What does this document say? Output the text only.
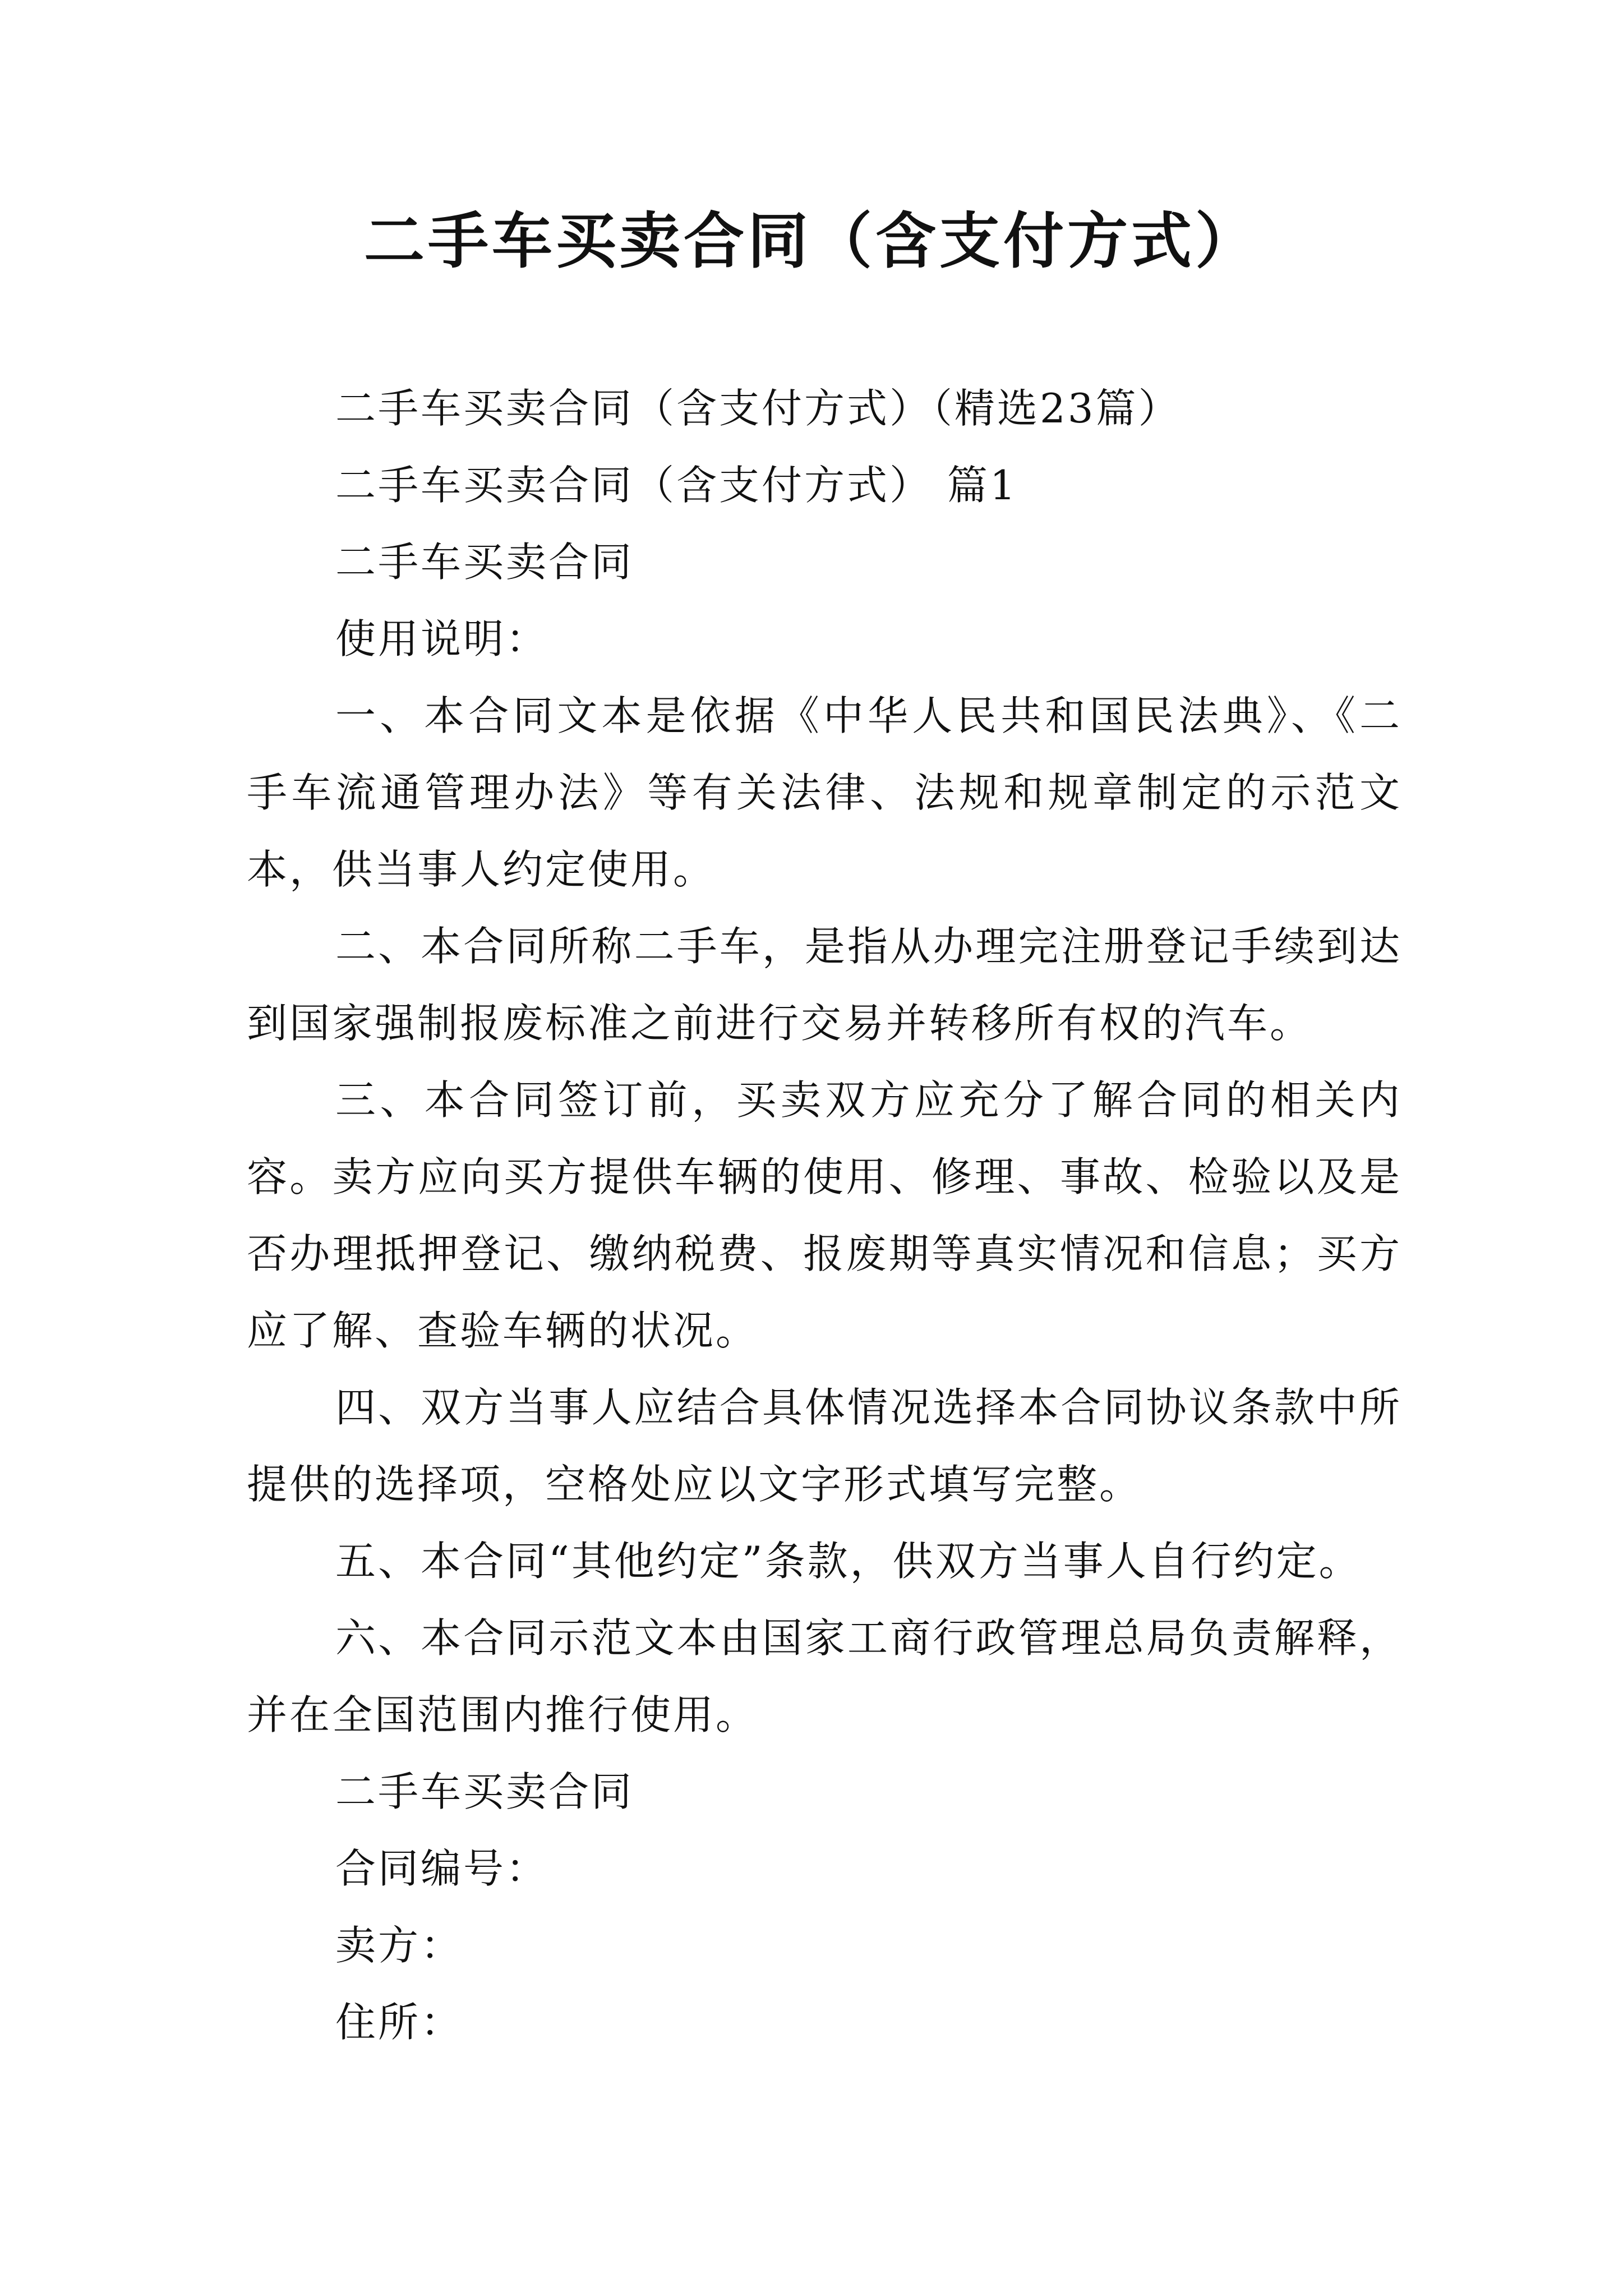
二手车买卖合同（含支付方式）

二手车买卖合同（含支付方式）（精选23篇）

二手车买卖合同（含支付方式） 篇1

二手车买卖合同

使用说明：

一、本合同文本是依据《中华人民共和国民法典》、《二手车流通管理办法》等有关法律、法规和规章制定的示范文本，供当事人约定使用。

二、本合同所称二手车，是指从办理完注册登记手续到达到国家强制报废标准之前进行交易并转移所有权的汽车。

三、本合同签订前，买卖双方应充分了解合同的相关内容。卖方应向买方提供车辆的使用、修理、事故、检验以及是否办理抵押登记、缴纳税费、报废期等真实情况和信息；买方应了解、查验车辆的状况。

四、双方当事人应结合具体情况选择本合同协议条款中所提供的选择项，空格处应以文字形式填写完整。

五、本合同“其他约定”条款，供双方当事人自行约定。

六、本合同示范文本由国家工商行政管理总局负责解释，并在全国范围内推行使用。

二手车买卖合同

合同编号：

卖方：

住所：
